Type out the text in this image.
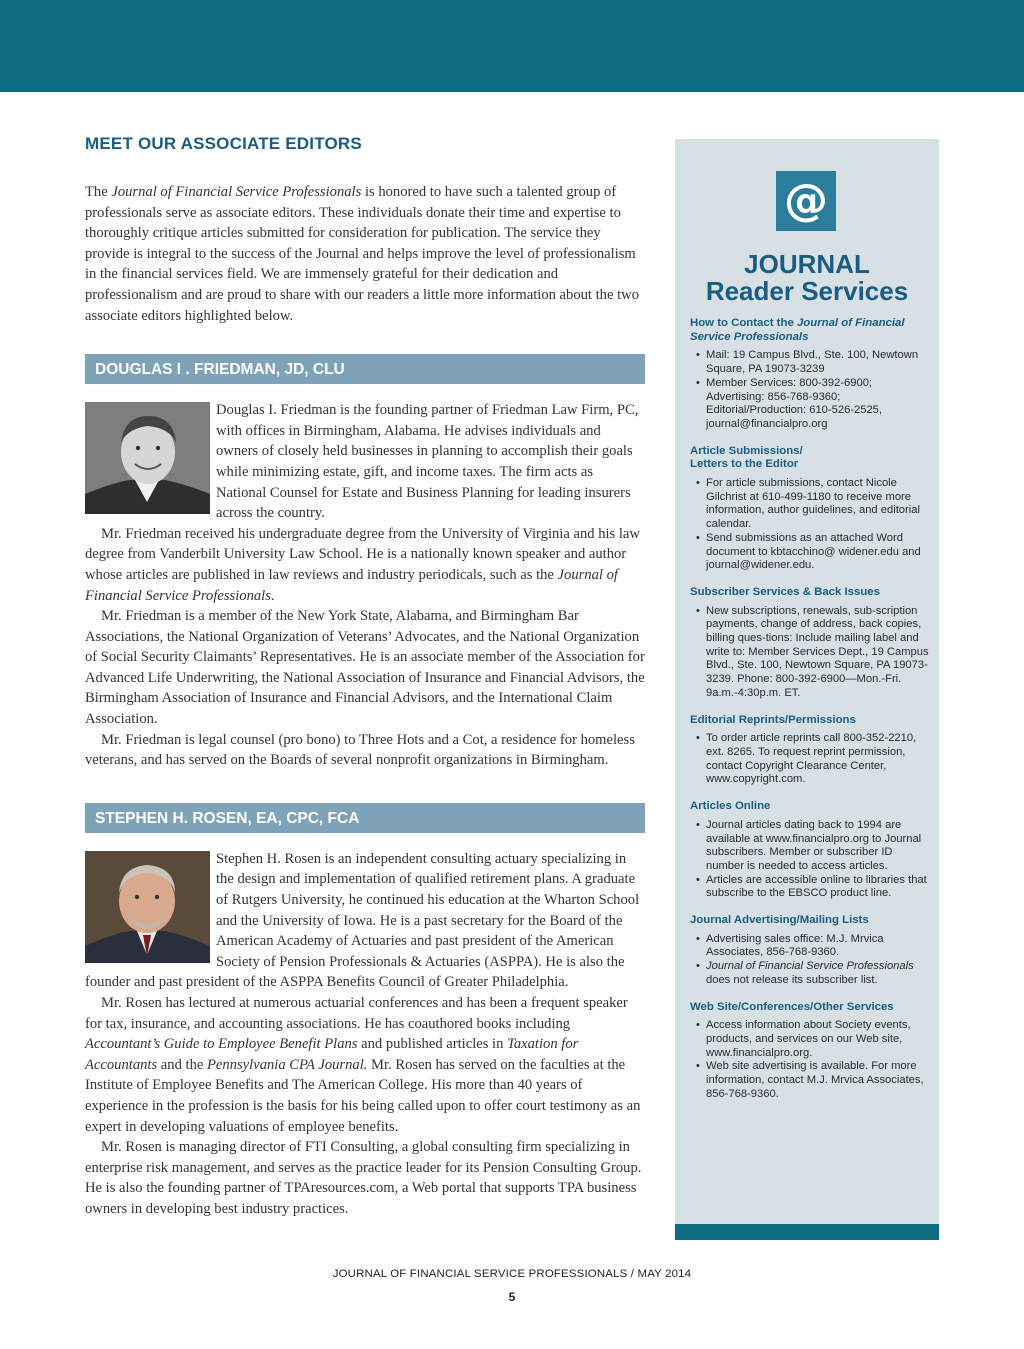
MEET OUR ASSOCIATE EDITORS

The Journal of Financial Service Professionals is honored to have such a talented group of professionals serve as associate editors. These individuals donate their time and expertise to thoroughly critique articles submitted for consideration for publication. The service they provide is integral to the success of the Journal and helps improve the level of professionalism in the financial services field. We are immensely grateful for their dedication and professionalism and are proud to share with our readers a little more information about the two associate editors highlighted below.

DOUGLAS I . FRIEDMAN, JD, CLU

Douglas I. Friedman is the founding partner of Friedman Law Firm, PC, with offices in Birmingham, Alabama. He advises individuals and owners of closely held businesses in planning to accomplish their goals while minimizing estate, gift, and income taxes. The firm acts as National Counsel for Estate and Business Planning for leading insurers across the country.

Mr. Friedman received his undergraduate degree from the University of Virginia and his law degree from Vanderbilt University Law School. He is a nationally known speaker and author whose articles are published in law reviews and industry periodicals, such as the Journal of Financial Service Professionals.

Mr. Friedman is a member of the New York State, Alabama, and Birmingham Bar Associations, the National Organization of Veterans’ Advocates, and the National Organization of Social Security Claimants’ Representatives. He is an associate member of the Association for Advanced Life Underwriting, the National Association of Insurance and Financial Advisors, the Birmingham Association of Insurance and Financial Advisors, and the International Claim Association.

Mr. Friedman is legal counsel (pro bono) to Three Hots and a Cot, a residence for homeless veterans, and has served on the Boards of several nonprofit organizations in Birmingham.

STEPHEN H. ROSEN, EA, CPC, FCA

Stephen H. Rosen is an independent consulting actuary specializing in the design and implementation of qualified retirement plans. A graduate of Rutgers University, he continued his education at the Wharton School and the University of Iowa. He is a past secretary for the Board of the American Academy of Actuaries and past president of the American Society of Pension Professionals & Actuaries (ASPPA). He is also the founder and past president of the ASPPA Benefits Council of Greater Philadelphia.

Mr. Rosen has lectured at numerous actuarial conferences and has been a frequent speaker for tax, insurance, and accounting associations. He has coauthored books including Accountant’s Guide to Employee Benefit Plans and published articles in Taxation for Accountants and the Pennsylvania CPA Journal. Mr. Rosen has served on the faculties at the Institute of Employee Benefits and The American College. His more than 40 years of experience in the profession is the basis for his being called upon to offer court testimony as an expert in developing valuations of employee benefits.

Mr. Rosen is managing director of FTI Consulting, a global consulting firm specializing in enterprise risk management, and serves as the practice leader for its Pension Consulting Group. He is also the founding partner of TPAresources.com, a Web portal that supports TPA business owners in developing best industry practices.

@
JOURNAL
Reader Services
How to Contact the Journal of Financial Service Professionals
• Mail: 19 Campus Blvd., Ste. 100, Newtown Square, PA 19073-3239
• Member Services: 800-392-6900; Advertising: 856-768-9360; Editorial/Production: 610-526-2525, journal@financialpro.org
Article Submissions/ Letters to the Editor
• For article submissions, contact Nicole Gilchrist at 610-499-1180 to receive more information, author guidelines, and editorial calendar.
• Send submissions as an attached Word document to kbtacchino@ widener.edu and journal@widener.edu.
Subscriber Services & Back Issues
• New subscriptions, renewals, sub-scription payments, change of address, back copies, billing ques-tions: Include mailing label and write to: Member Services Dept., 19 Campus Blvd., Ste. 100, Newtown Square, PA 19073-3239. Phone: 800-392-6900—Mon.-Fri. 9a.m.-4:30p.m. ET.
Editorial Reprints/Permissions
• To order article reprints call 800-352-2210, ext. 8265. To request reprint permission, contact Copyright Clearance Center, www.copyright.com.
Articles Online
• Journal articles dating back to 1994 are available at www.financialpro.org to Journal subscribers. Member or subscriber ID number is needed to access articles.
• Articles are accessible online to libraries that subscribe to the EBSCO product line.
Journal Advertising/Mailing Lists
• Advertising sales office: M.J. Mrvica Associates, 856-768-9360.
• Journal of Financial Service Professionals does not release its subscriber list.
Web Site/Conferences/Other Services
• Access information about Society events, products, and services on our Web site, www.financialpro.org.
• Web site advertising is available. For more information, contact M.J. Mrvica Associates, 856-768-9360.
JOURNAL OF FINANCIAL SERVICE PROFESSIONALS / MAY 2014
5
